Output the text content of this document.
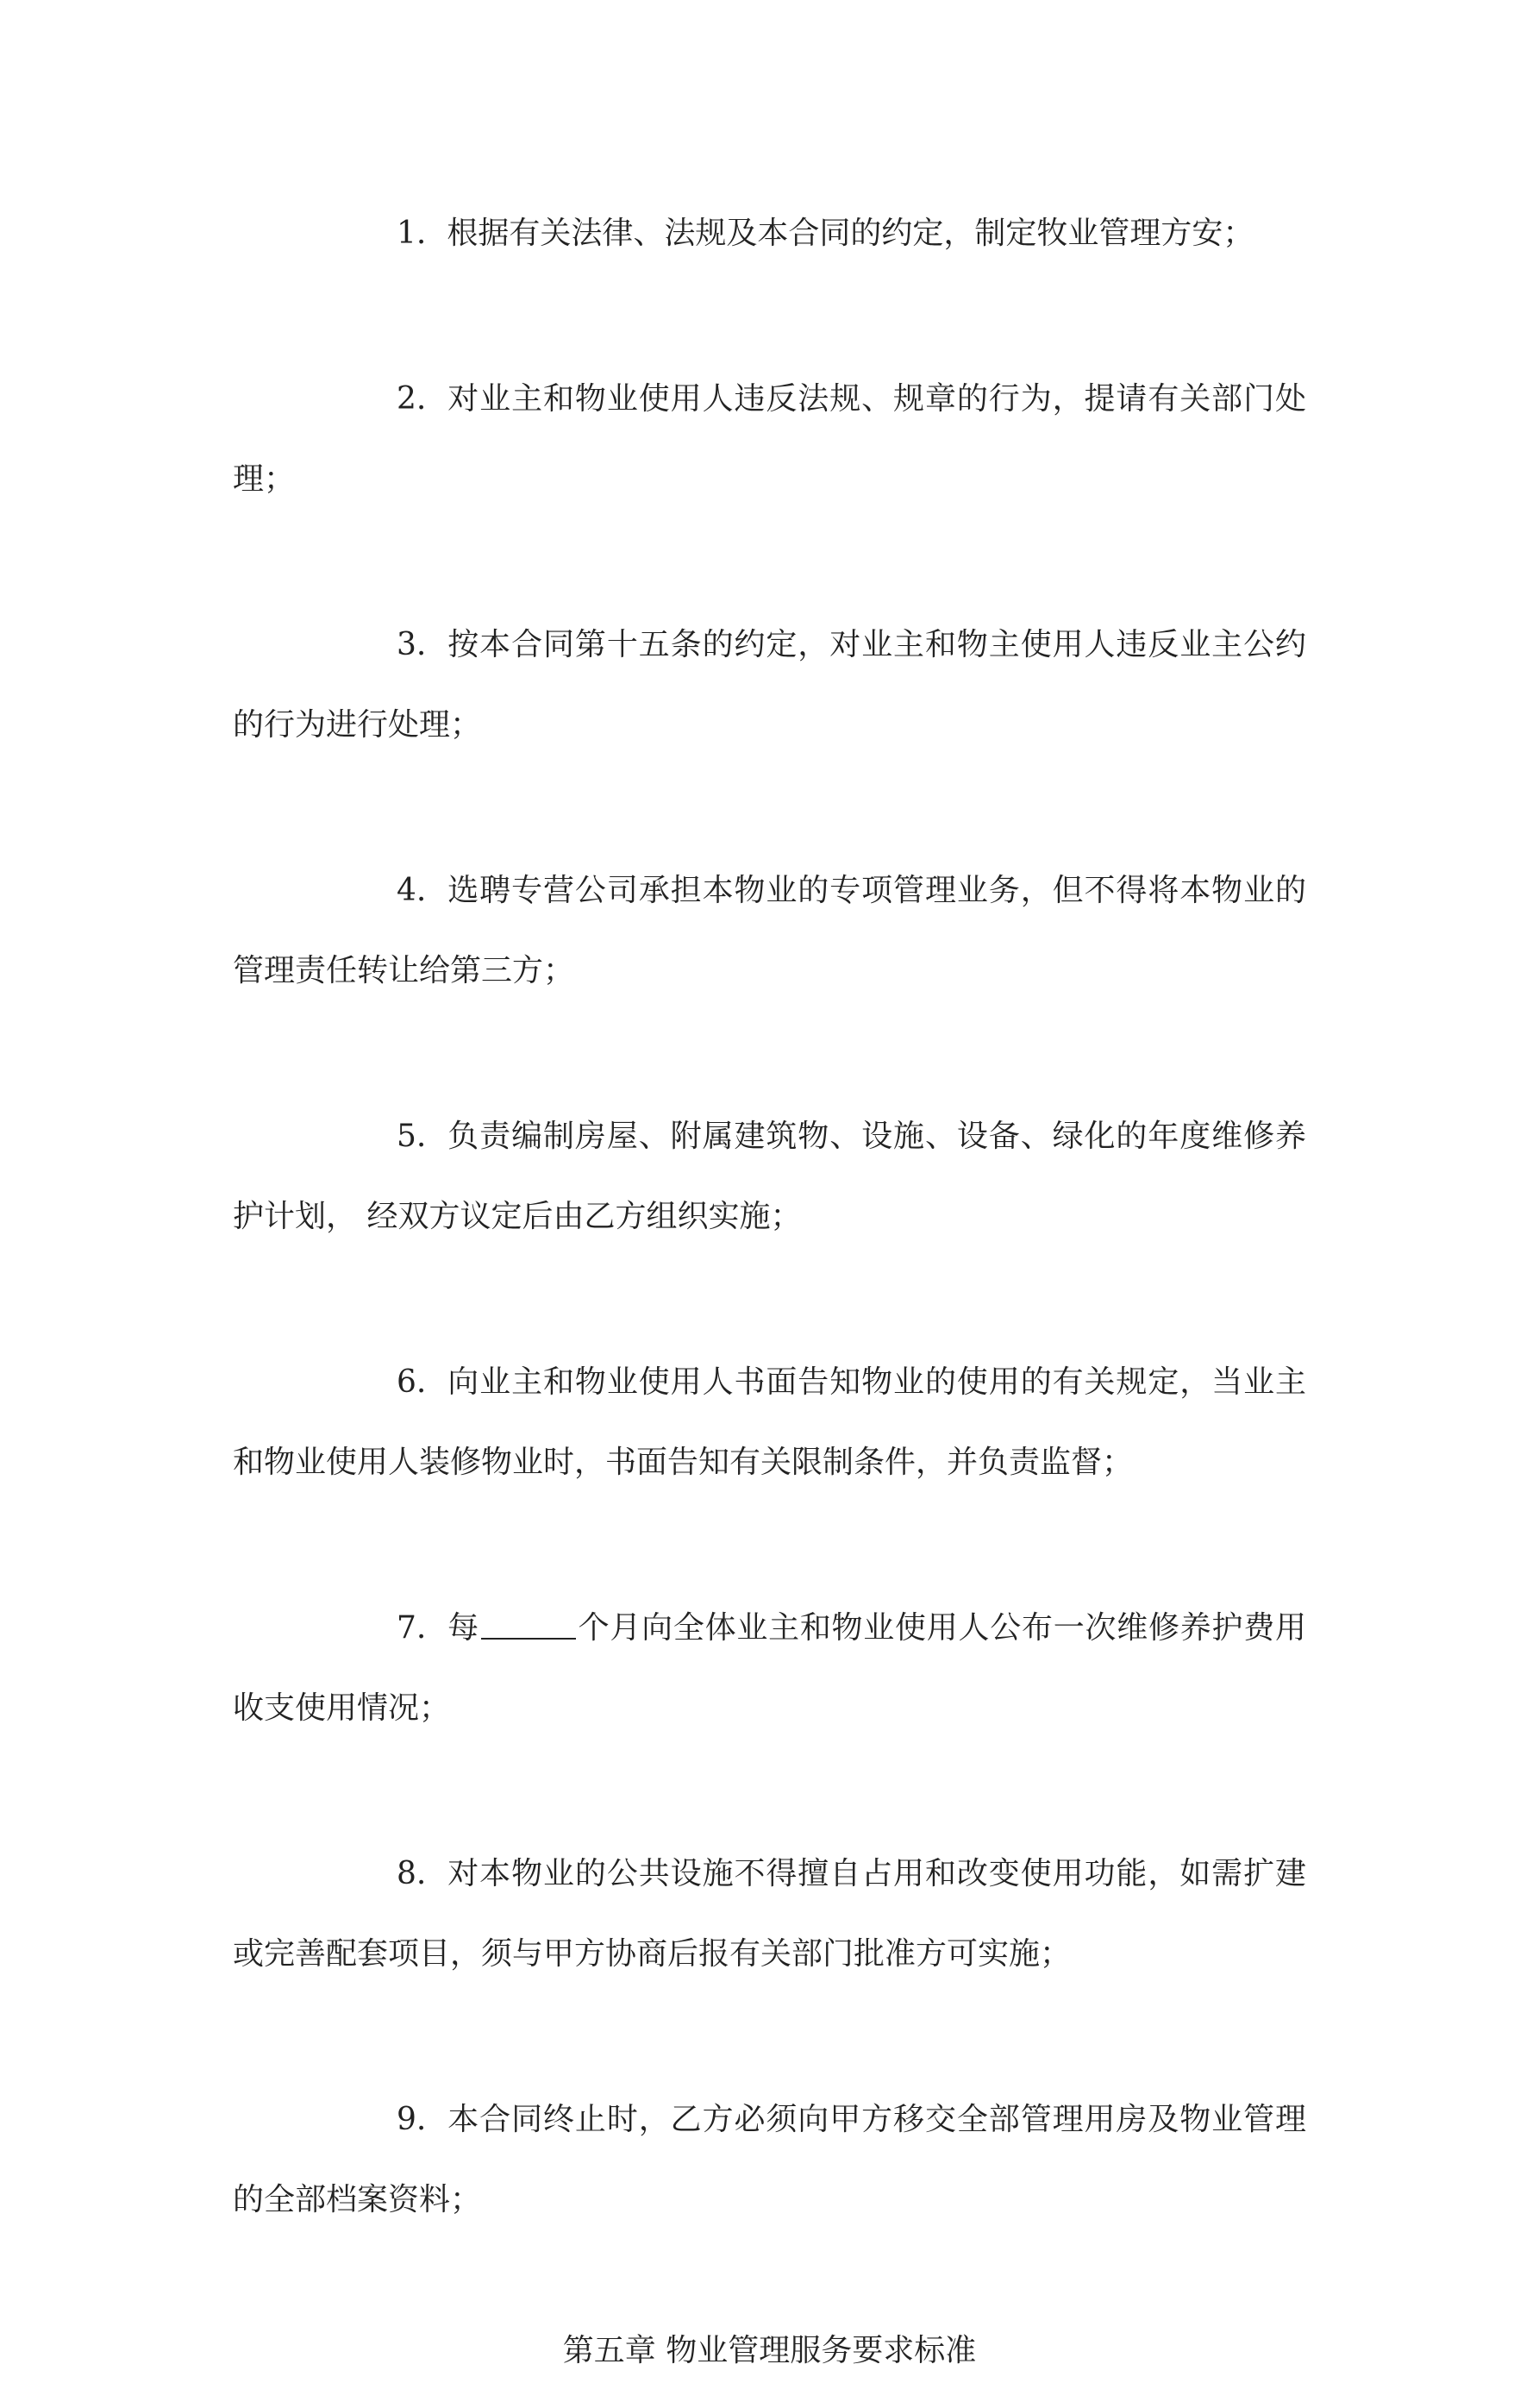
1. 根据有关法律、法规及本合同的约定，制定牧业管理方安；

2. 对业主和物业使用人违反法规、规章的行为，提请有关部门处理；

3. 按本合同第十五条的约定，对业主和物主使用人违反业主公约的行为进行处理；

4. 选聘专营公司承担本物业的专项管理业务，但不得将本物业的管理责任转让给第三方；

5. 负责编制房屋、附属建筑物、设施、设备、绿化的年度维修养护计划， 经双方议定后由乙方组织实施；

6. 向业主和物业使用人书面告知物业的使用的有关规定，当业主和物业使用人装修物业时，书面告知有关限制条件，并负责监督；

7. 每	个月向全体业主和物业使用人公布一次维修养护费用收支使用情况；

8. 对本物业的公共设施不得擅自占用和改变使用功能，如需扩建或完善配套项目，须与甲方协商后报有关部门批准方可实施；

9. 本合同终止时，乙方必须向甲方移交全部管理用房及物业管理的全部档案资料；

第五章 物业管理服务要求标准
